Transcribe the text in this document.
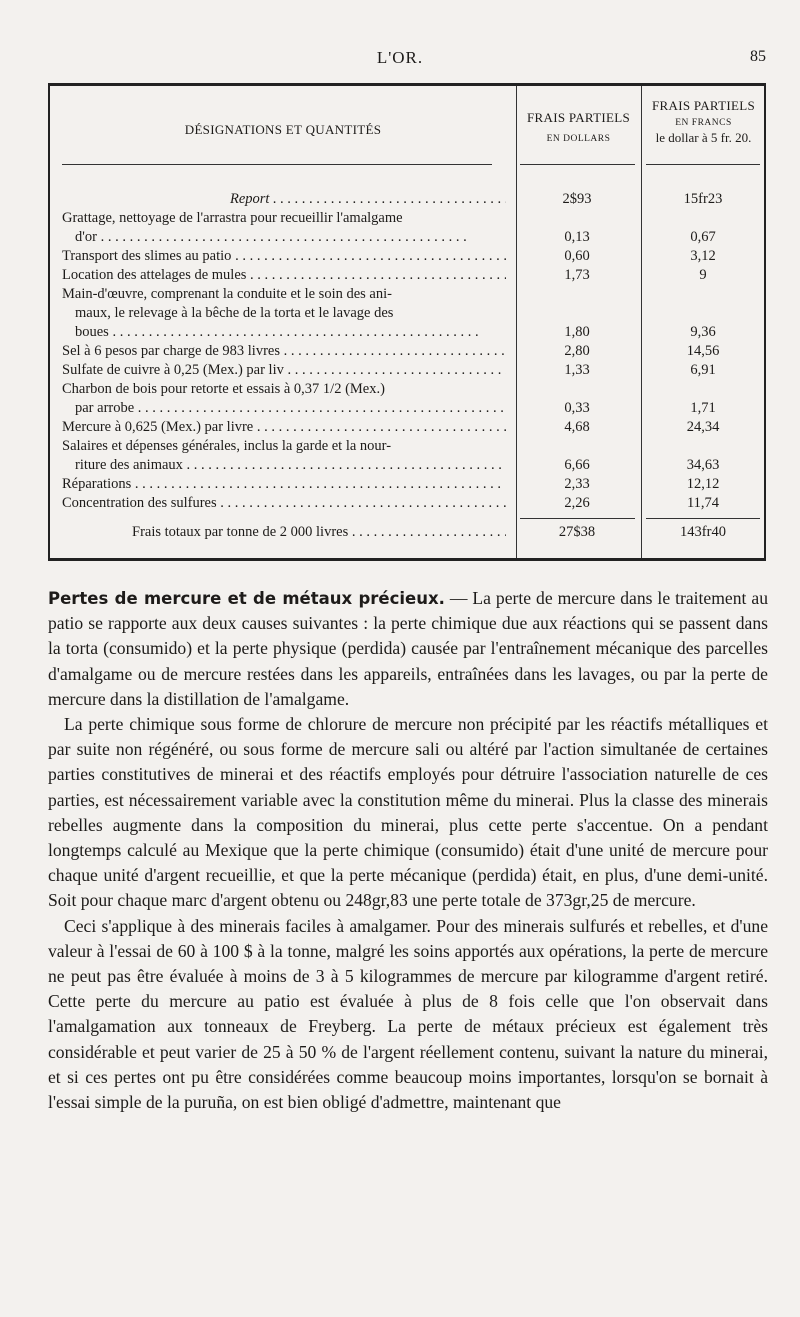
L'OR.	85
DÉSIGNATIONS ET QUANTITÉS
FRAIS PARTIELS
EN DOLLARS
FRAIS PARTIELS
EN FRANCS
le dollar à 5 fr. 20.
Report . . .	2$93	15fr23
Grattage, nettoyage de l'arrastra pour recueillir l'amalgame
d'or . . .	0,13	0,67
Transport des slimes au patio . . .	0,60	3,12
Location des attelages de mules . . .	1,73	9
Main-d'œuvre, comprenant la conduite et le soin des ani-
maux, le relevage à la bêche de la torta et le lavage des
boues . . .	1,80	9,36
Sel à 6 pesos par charge de 983 livres . . .	2,80	14,56
Sulfate de cuivre à 0,25 (Mex.) par liv . . .	1,33	6,91
Charbon de bois pour retorte et essais à 0,37 1/2 (Mex.)
par arrobe . . .	0,33	1,71
Mercure à 0,625 (Mex.) par livre . . .	4,68	24,34
Salaires et dépenses générales, inclus la garde et la nour-
riture des animaux . . .	6,66	34,63
Réparations . . .	2,33	12,12
Concentration des sulfures . . .	2,26	11,74
Frais totaux par tonne de 2 000 livres . . .	27$38	143fr40

Pertes de mercure et de métaux précieux. — La perte de mercure dans le traitement au patio se rapporte aux deux causes suivantes : la perte chimique due aux réactions qui se passent dans la torta (consumido) et la perte physique (perdida) causée par l'entraînement mécanique des parcelles d'amalgame ou de mercure restées dans les appareils, entraînées dans les lavages, ou par la perte de mercure dans la distillation de l'amalgame.

La perte chimique sous forme de chlorure de mercure non précipité par les réactifs métalliques et par suite non régénéré, ou sous forme de mercure sali ou altéré par l'action simultanée de certaines parties constitutives de minerai et des réactifs employés pour détruire l'association naturelle de ces parties, est nécessairement variable avec la constitution même du minerai. Plus la classe des minerais rebelles augmente dans la composition du minerai, plus cette perte s'accentue. On a pendant longtemps calculé au Mexique que la perte chimique (consumido) était d'une unité de mercure pour chaque unité d'argent recueillie, et que la perte mécanique (perdida) était, en plus, d'une demi-unité. Soit pour chaque marc d'argent obtenu ou 248gr,83 une perte totale de 373gr,25 de mercure.

Ceci s'applique à des minerais faciles à amalgamer. Pour des minerais sulfurés et rebelles, et d'une valeur à l'essai de 60 à 100 $ à la tonne, malgré les soins apportés aux opérations, la perte de mercure ne peut pas être évaluée à moins de 3 à 5 kilogrammes de mercure par kilogramme d'argent retiré. Cette perte du mercure au patio est évaluée à plus de 8 fois celle que l'on observait dans l'amalgamation aux tonneaux de Freyberg. La perte de métaux précieux est également très considérable et peut varier de 25 à 50 % de l'argent réellement contenu, suivant la nature du minerai, et si ces pertes ont pu être considérées comme beaucoup moins importantes, lorsqu'on se bornait à l'essai simple de la puruña, on est bien obligé d'admettre, maintenant que
